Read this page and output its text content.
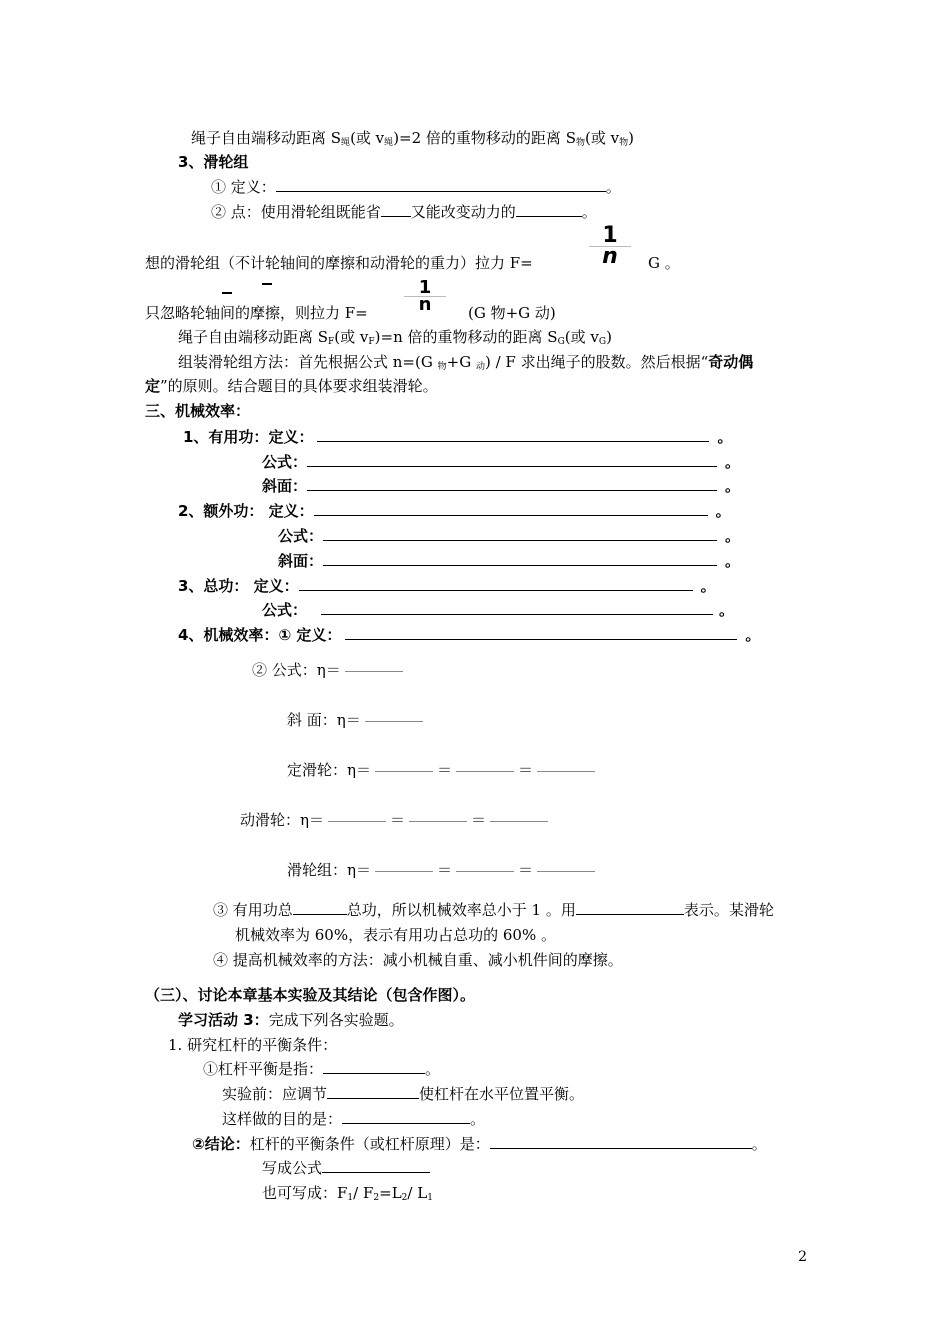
绳子自由端移动距离 $S_绳$(或 $v_绳)=2$ 倍的重物移动的距离 $S_物$(或 $v_物$)
3、滑轮组
① 定义：	。
② 点：使用滑轮组既能省 又能改变动力的	。
1
n
想的滑轮组（不计轮轴间的摩擦和动滑轮的重力）拉力 F=	G 。
1
n
只忽略轮轴间的摩擦，则拉力 F=	(G 物+G 动)
绳子自由端移动距离 $S_F$(或 $v_F)=n$ 倍的重物移动的距离 $S_G$(或 $v_G$)
组装滑轮组方法：首先根据公式 n=(G $_物$+G $_动$) / F 求出绳子的股数。然后根据“奇动偶
定”的原则。结合题目的具体要求组装滑轮。
三、机械效率：
1、有用功：定义：	。
公式：	。
斜面：	。
2、额外功： 定义：	。
公式：	。
斜面：	。
3、总功： 定义：	。
公式：	。
4、机械效率：① 定义：	。
② 公式：η＝
斜 面：η＝
定滑轮：η＝	＝	＝
动滑轮：η＝	＝	＝
滑轮组：η＝	＝	＝
③ 有用功总	总功，所以机械效率总小于 1 。用	表示。某滑轮
机械效率为 60%，表示有用功占总功的 60% 。
④ 提高机械效率的方法：减小机械自重、减小机件间的摩擦。
（三）、讨论本章基本实验及其结论（包含作图）。
学习活动 3：完成下列各实验题。
1. 研究杠杆的平衡条件：
①杠杆平衡是指：	。
实验前：应调节	使杠杆在水平位置平衡。
这样做的目的是：	。
②结论：杠杆的平衡条件（或杠杆原理）是：	。
写成公式
也可写成：$F_1/$ $F_2=L_2/$ $L_1$
2
